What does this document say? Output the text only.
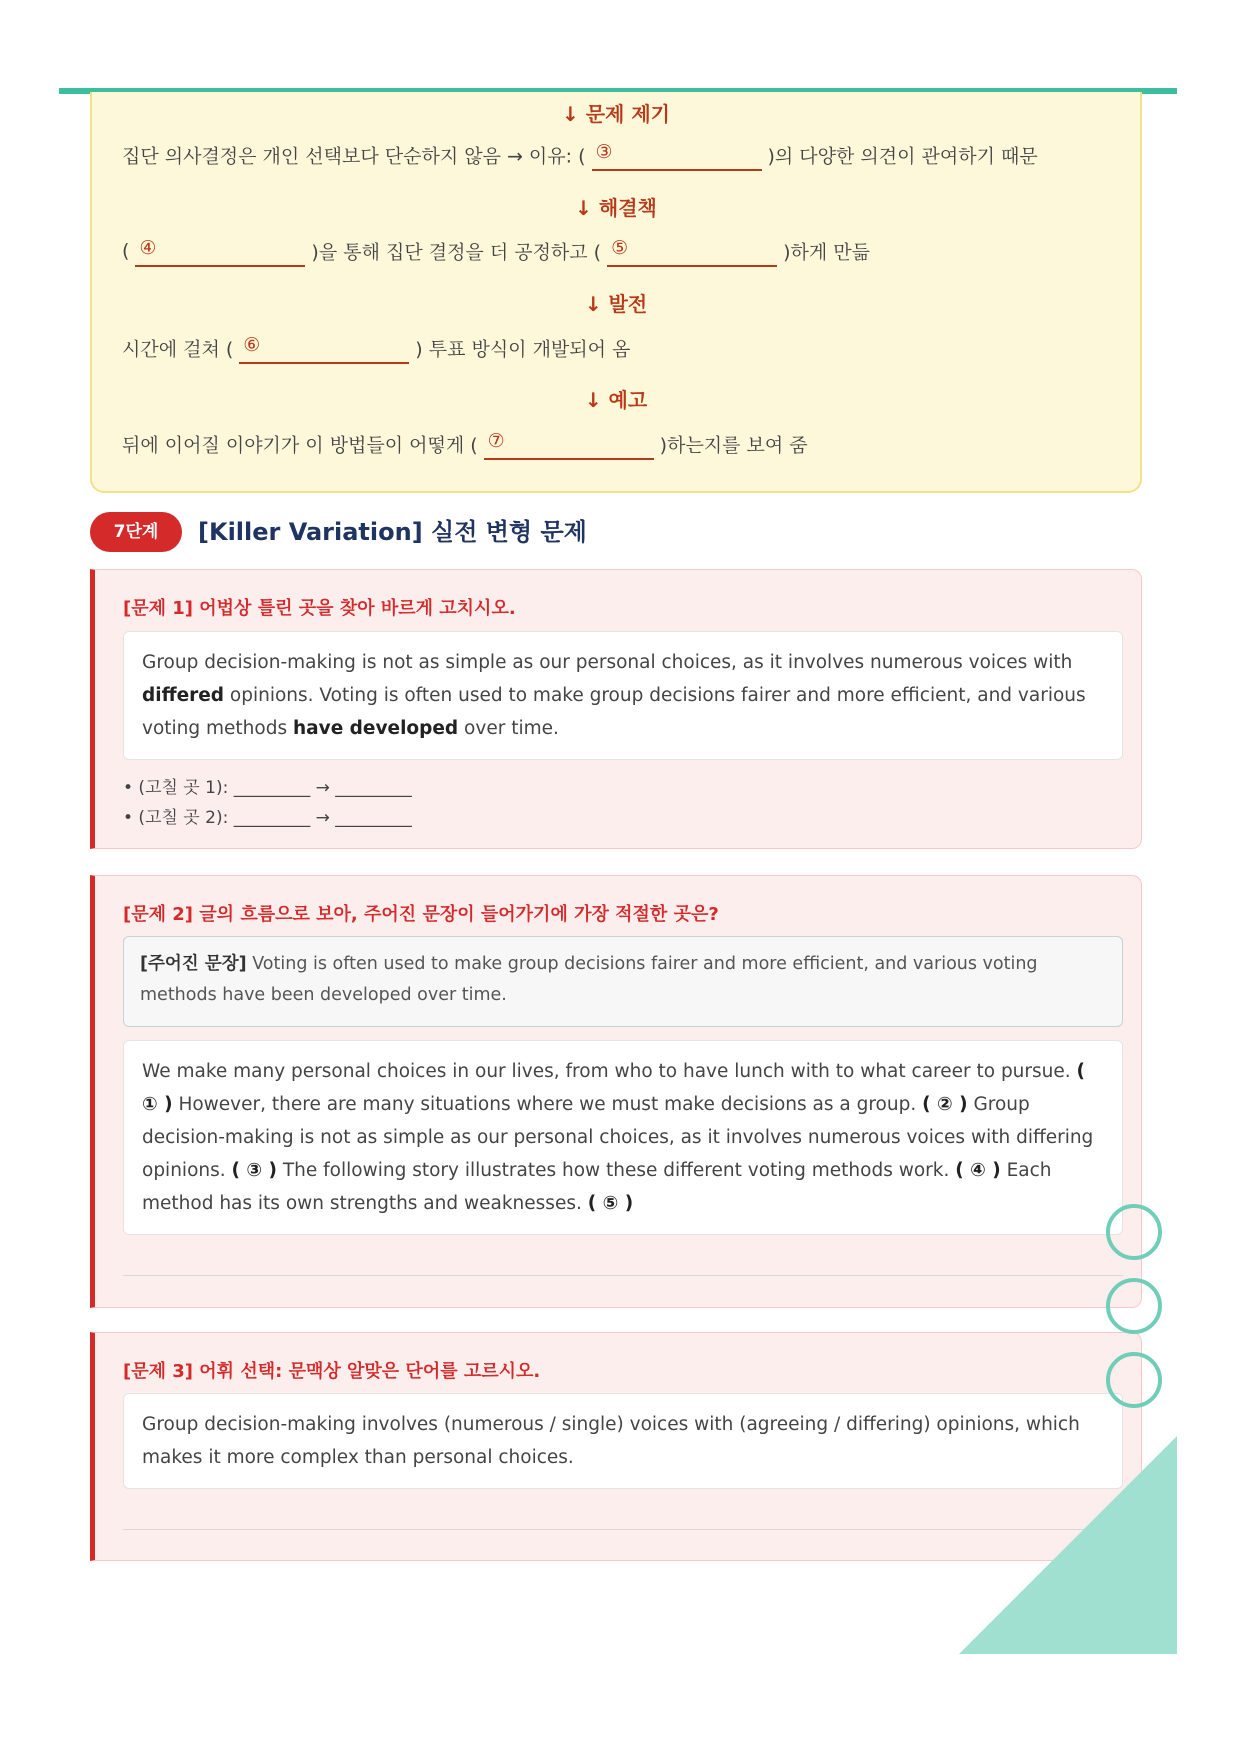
↓ 문제 제기
집단 의사결정은 개인 선택보다 단순하지 않음 → 이유: ( ③	)의 다양한 의견이 관여하기 때문
↓ 해결책
( ④	)을 통해 집단 결정을 더 공정하고 ( ⑤	)하게 만듦
↓ 발전
시간에 걸쳐 ( ⑥	) 투표 방식이 개발되어 옴
↓ 예고
뒤에 이어질 이야기가 이 방법들이 어떻게 ( ⑦	)하는지를 보여 줌
7단계	[Killer Variation] 실전 변형 문제
[문제 1] 어법상 틀린 곳을 찾아 바르게 고치시오.
Group decision-making is not as simple as our personal choices, as it involves numerous voices with differed opinions. Voting is often used to make group decisions fairer and more efficient, and various voting methods have developed over time.
• (고칠 곳 1): _________ → _________
• (고칠 곳 2): _________ → _________
[문제 2] 글의 흐름으로 보아, 주어진 문장이 들어가기에 가장 적절한 곳은?
[주어진 문장] Voting is often used to make group decisions fairer and more efficient, and various voting methods have been developed over time.
We make many personal choices in our lives, from who to have lunch with to what career to pursue. ( ① ) However, there are many situations where we must make decisions as a group. ( ② ) Group decision-making is not as simple as our personal choices, as it involves numerous voices with differing opinions. ( ③ ) The following story illustrates how these different voting methods work. ( ④ ) Each method has its own strengths and weaknesses. ( ⑤ )
[문제 3] 어휘 선택: 문맥상 알맞은 단어를 고르시오.
Group decision-making involves (numerous / single) voices with (agreeing / differing) opinions, which makes it more complex than personal choices.
